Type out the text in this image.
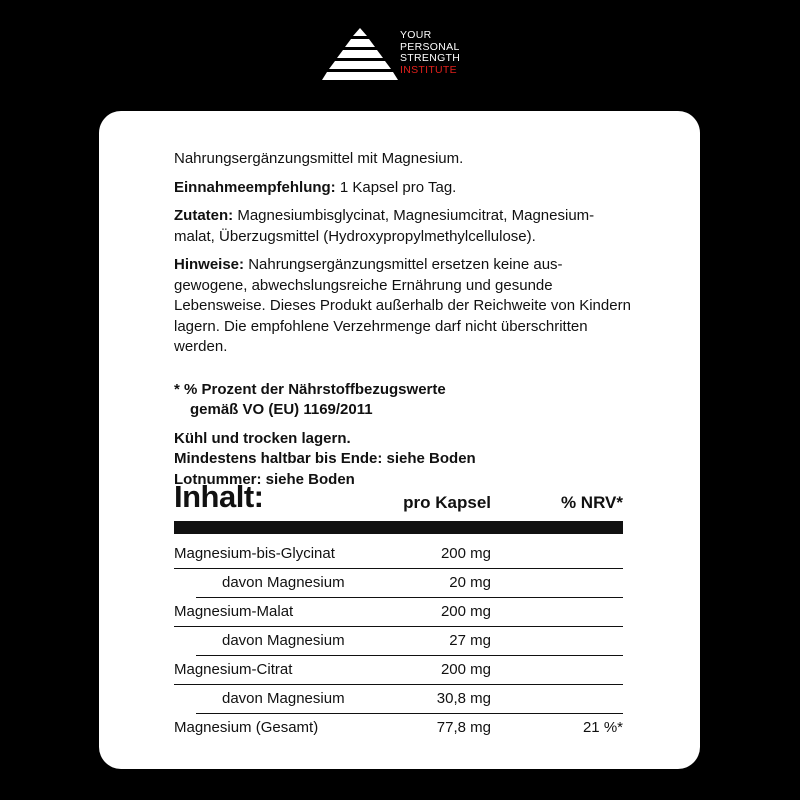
YOUR
PERSONAL
STRENGTH
INSTITUTE

Nahrungsergänzungsmittel mit Magnesium.

Einnahmeempfehlung: 1 Kapsel pro Tag.

Zutaten: Magnesiumbisglycinat, Magnesiumcitrat, Magnesium-malat, Überzugsmittel (Hydroxypropylmethylcellulose).

Hinweise: Nahrungsergänzungsmittel ersetzen keine aus-gewogene, abwechslungsreiche Ernährung und gesunde Lebensweise. Dieses Produkt außerhalb der Reichweite von Kindern lagern. Die empfohlene Verzehrmenge darf nicht überschritten werden.

* % Prozent der Nährstoffbezugswerte
gemäß VO (EU) 1169/2011

Kühl und trocken lagern.
Mindestens haltbar bis Ende: siehe Boden
Lotnummer: siehe Boden

Inhalt:	pro Kapsel	% NRV*
Magnesium-bis-Glycinat	200 mg
davon Magnesium	20 mg
Magnesium-Malat	200 mg
davon Magnesium	27 mg
Magnesium-Citrat	200 mg
davon Magnesium	30,8 mg
Magnesium (Gesamt)	77,8 mg	21 %*
